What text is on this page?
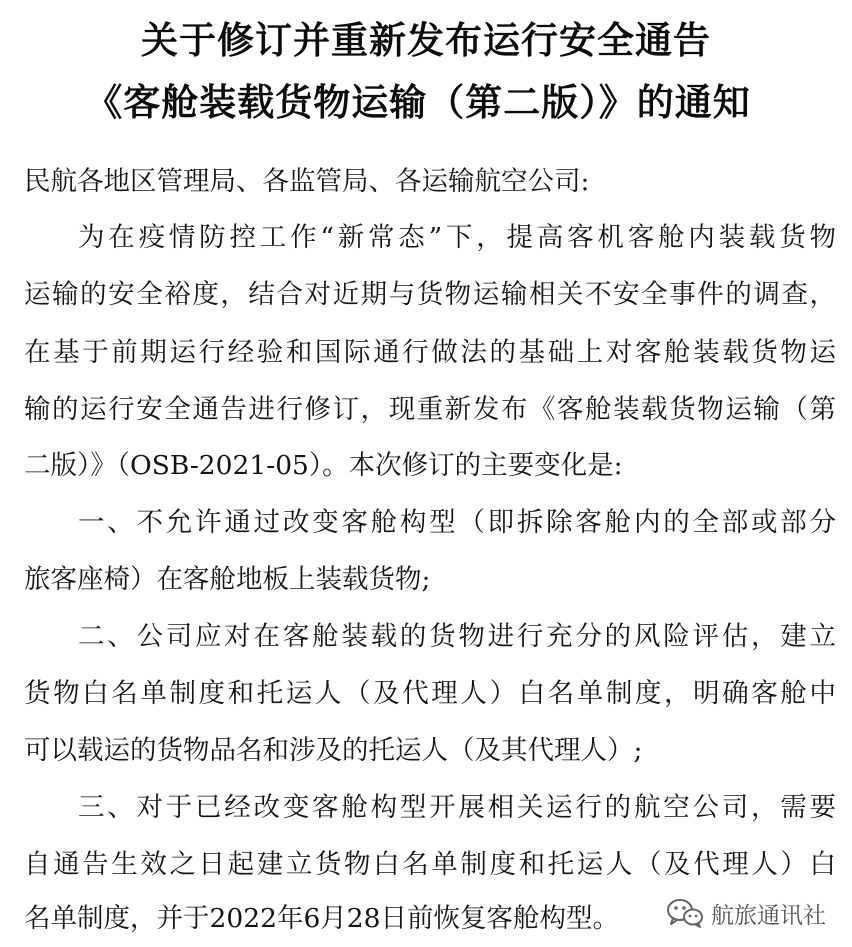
关于修订并重新发布运行安全通告
《客舱装载货物运输（第二版）》的通知
民航各地区管理局、各监管局、各运输航空公司:
为在疫情防控工作“新常态”下，提高客机客舱内装载货物
运输的安全裕度，结合对近期与货物运输相关不安全事件的调查，
在基于前期运行经验和国际通行做法的基础上对客舱装载货物运
输的运行安全通告进行修订，现重新发布《客舱装载货物运输（第
二版）》（OSB-2021-05）。本次修订的主要变化是:
一、不允许通过改变客舱构型（即拆除客舱内的全部或部分
旅客座椅）在客舱地板上装载货物;
二、公司应对在客舱装载的货物进行充分的风险评估，建立
货物白名单制度和托运人（及代理人）白名单制度，明确客舱中
可以载运的货物品名和涉及的托运人（及其代理人）;
三、对于已经改变客舱构型开展相关运行的航空公司，需要
自通告生效之日起建立货物白名单制度和托运人（及代理人）白
名单制度，并于2022年6月28日前恢复客舱构型。	航旅通讯社
